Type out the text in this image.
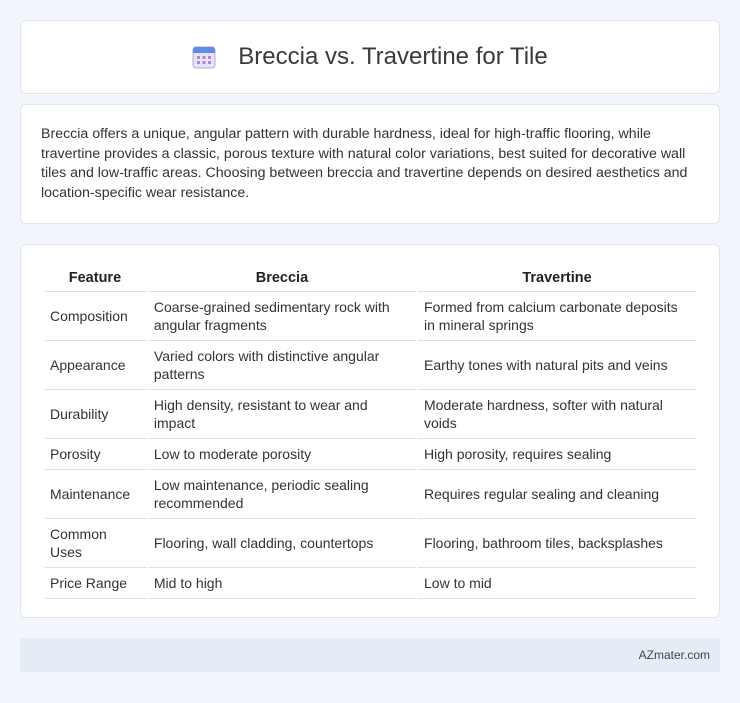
Breccia vs. Travertine for Tile

Breccia offers a unique, angular pattern with durable hardness, ideal for high-traffic flooring, while travertine provides a classic, porous texture with natural color variations, best suited for decorative wall tiles and low-traffic areas. Choosing between breccia and travertine depends on desired aesthetics and location-specific wear resistance.

Feature	Breccia	Travertine
Composition	Coarse-grained sedimentary rock with angular fragments	Formed from calcium carbonate deposits in mineral springs
Appearance	Varied colors with distinctive angular patterns	Earthy tones with natural pits and veins
Durability	High density, resistant to wear and impact	Moderate hardness, softer with natural voids
Porosity	Low to moderate porosity	High porosity, requires sealing
Maintenance	Low maintenance, periodic sealing recommended	Requires regular sealing and cleaning
Common Uses	Flooring, wall cladding, countertops	Flooring, bathroom tiles, backsplashes
Price Range	Mid to high	Low to mid
AZmater.com
